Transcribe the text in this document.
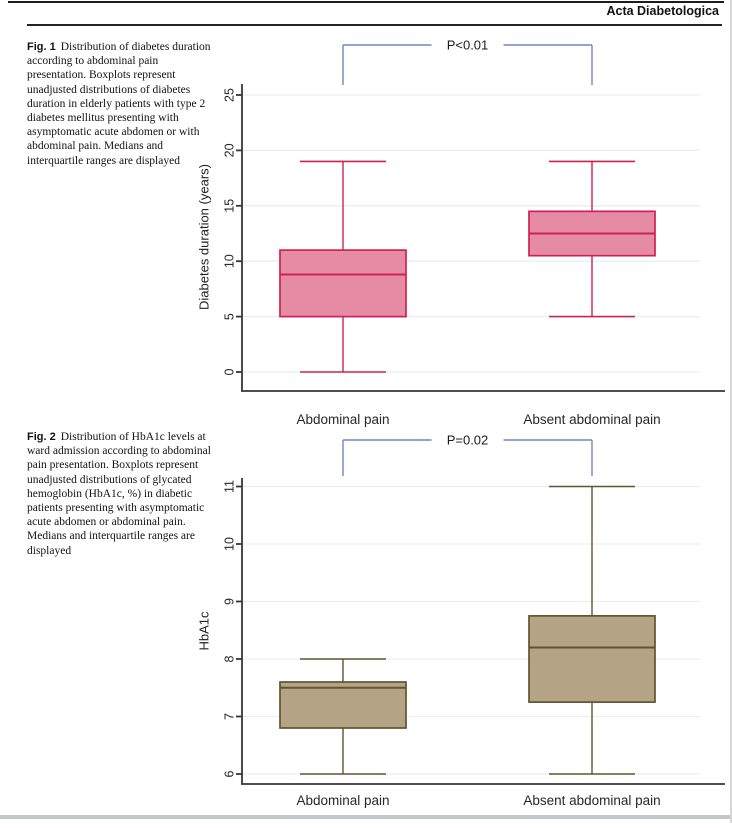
Acta Diabetologica
Fig. 1 Distribution of diabetes duration according to abdominal pain presentation. Boxplots represent unadjusted distributions of diabetes duration in elderly patients with type 2 diabetes mellitus presenting with asymptomatic acute abdomen or with abdominal pain. Medians and interquartile ranges are displayed
Fig. 2 Distribution of HbA1c levels at ward admission according to abdominal pain presentation. Boxplots represent unadjusted distributions of glycated hemoglobin (HbA1c, %) in diabetic patients presenting with asymptomatic acute abdomen or abdominal pain. Medians and interquartile ranges are displayed
Diabetes duration (years)
HbA1c
0
5
10
15
20
25
Abdominal pain	Absent abdominal pain
P<0.01
6
7
8
9
10
11
Abdominal pain	Absent abdominal pain
P=0.02
